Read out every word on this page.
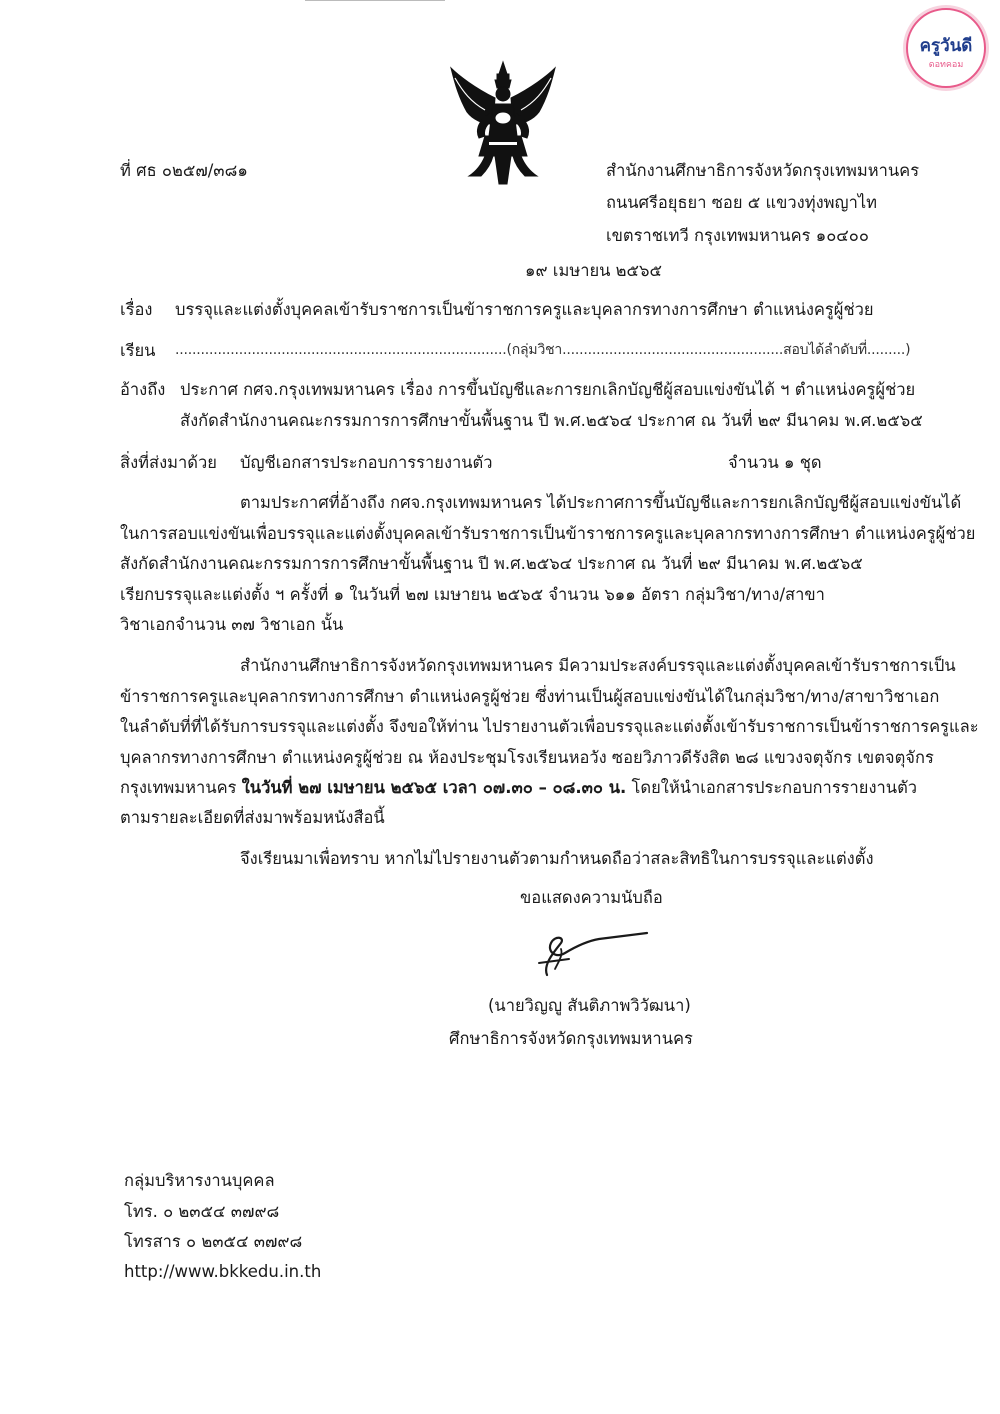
ครูวันดี
ดอทคอม
ที่ ศธ ๐๒๕๗/๓๘๑	สำนักงานศึกษาธิการจังหวัดกรุงเทพมหานคร
ถนนศรีอยุธยา ซอย ๕ แขวงทุ่งพญาไท
เขตราชเทวี กรุงเทพมหานคร ๑๐๔๐๐
๑๙ เมษายน ๒๕๖๕
เรื่อง บรรจุและแต่งตั้งบุคคลเข้ารับราชการเป็นข้าราชการครูและบุคลากรทางการศึกษา ตำแหน่งครูผู้ช่วย
เรียน ..............................................................................(กลุ่มวิชา....................................................สอบได้ลำดับที่.........)
อ้างถึง ประกาศ กศจ.กรุงเทพมหานคร เรื่อง การขึ้นบัญชีและการยกเลิกบัญชีผู้สอบแข่งขันได้ ฯ ตำแหน่งครูผู้ช่วย
สังกัดสำนักงานคณะกรรมการการศึกษาขั้นพื้นฐาน ปี พ.ศ.๒๕๖๔ ประกาศ ณ วันที่ ๒๙ มีนาคม พ.ศ.๒๕๖๕
สิ่งที่ส่งมาด้วย บัญชีเอกสารประกอบการรายงานตัว	จำนวน ๑ ชุด
ตามประกาศที่อ้างถึง กศจ.กรุงเทพมหานคร ได้ประกาศการขึ้นบัญชีและการยกเลิกบัญชีผู้สอบแข่งขันได้
ในการสอบแข่งขันเพื่อบรรจุและแต่งตั้งบุคคลเข้ารับราชการเป็นข้าราชการครูและบุคลากรทางการศึกษา ตำแหน่งครูผู้ช่วย
สังกัดสำนักงานคณะกรรมการการศึกษาขั้นพื้นฐาน ปี พ.ศ.๒๕๖๔ ประกาศ ณ วันที่ ๒๙ มีนาคม พ.ศ.๒๕๖๕
เรียกบรรจุและแต่งตั้ง ฯ ครั้งที่ ๑ ในวันที่ ๒๗ เมษายน ๒๕๖๕ จำนวน ๖๑๑ อัตรา กลุ่มวิชา/ทาง/สาขา
วิชาเอกจำนวน ๓๗ วิชาเอก นั้น
สำนักงานศึกษาธิการจังหวัดกรุงเทพมหานคร มีความประสงค์บรรจุและแต่งตั้งบุคคลเข้ารับราชการเป็น
ข้าราชการครูและบุคลากรทางการศึกษา ตำแหน่งครูผู้ช่วย ซึ่งท่านเป็นผู้สอบแข่งขันได้ในกลุ่มวิชา/ทาง/สาขาวิชาเอก
ในลำดับที่ที่ได้รับการบรรจุและแต่งตั้ง จึงขอให้ท่าน ไปรายงานตัวเพื่อบรรจุและแต่งตั้งเข้ารับราชการเป็นข้าราชการครูและ
บุคลากรทางการศึกษา ตำแหน่งครูผู้ช่วย ณ ห้องประชุมโรงเรียนหอวัง ซอยวิภาวดีรังสิต ๒๘ แขวงจตุจักร เขตจตุจักร
กรุงเทพมหานคร ในวันที่ ๒๗ เมษายน ๒๕๖๕ เวลา ๐๗.๓๐ – ๐๘.๓๐ น. โดยให้นำเอกสารประกอบการรายงานตัว
ตามรายละเอียดที่ส่งมาพร้อมหนังสือนี้
จึงเรียนมาเพื่อทราบ หากไม่ไปรายงานตัวตามกำหนดถือว่าสละสิทธิในการบรรจุและแต่งตั้ง
ขอแสดงความนับถือ
(นายวิญญู สันติภาพวิวัฒนา)
ศึกษาธิการจังหวัดกรุงเทพมหานคร
กลุ่มบริหารงานบุคคล
โทร. ๐ ๒๓๕๔ ๓๗๙๘
โทรสาร ๐ ๒๓๕๔ ๓๗๙๘
http://www.bkkedu.in.th
